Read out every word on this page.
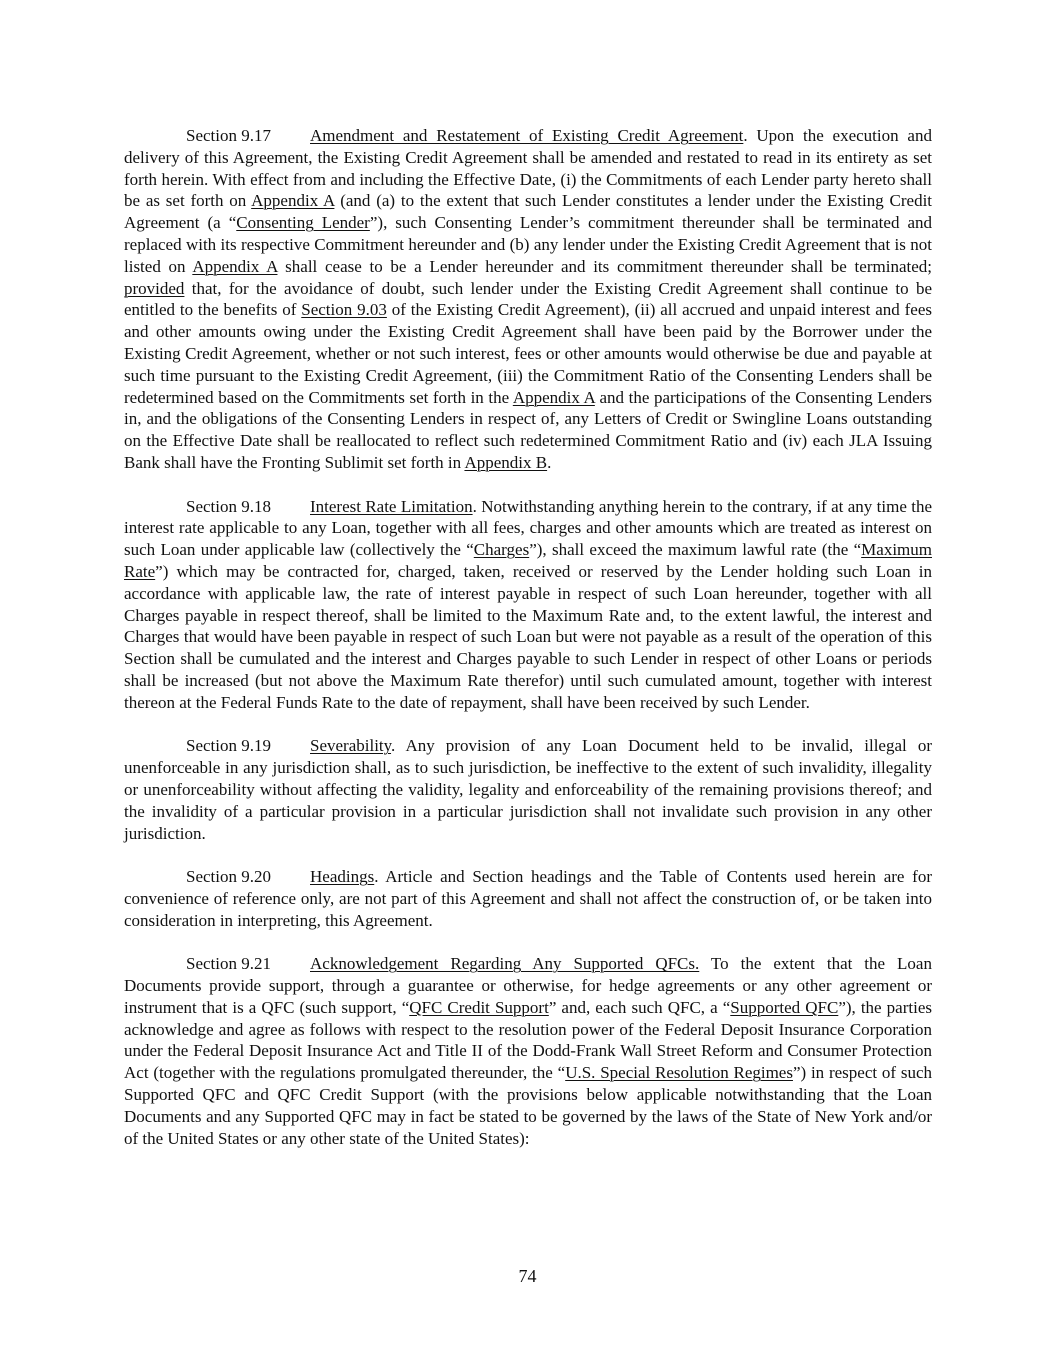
Section 9.17 Amendment and Restatement of Existing Credit Agreement. Upon the execution and delivery of this Agreement, the Existing Credit Agreement shall be amended and restated to read in its entirety as set forth herein. With effect from and including the Effective Date, (i) the Commitments of each Lender party hereto shall be as set forth on Appendix A (and (a) to the extent that such Lender constitutes a lender under the Existing Credit Agreement (a “Consenting Lender”), such Consenting Lender’s commitment thereunder shall be terminated and replaced with its respective Commitment hereunder and (b) any lender under the Existing Credit Agreement that is not listed on Appendix A shall cease to be a Lender hereunder and its commitment thereunder shall be terminated; provided that, for the avoidance of doubt, such lender under the Existing Credit Agreement shall continue to be entitled to the benefits of Section 9.03 of the Existing Credit Agreement), (ii) all accrued and unpaid interest and fees and other amounts owing under the Existing Credit Agreement shall have been paid by the Borrower under the Existing Credit Agreement, whether or not such interest, fees or other amounts would otherwise be due and payable at such time pursuant to the Existing Credit Agreement, (iii) the Commitment Ratio of the Consenting Lenders shall be redetermined based on the Commitments set forth in the Appendix A and the participations of the Consenting Lenders in, and the obligations of the Consenting Lenders in respect of, any Letters of Credit or Swingline Loans outstanding on the Effective Date shall be reallocated to reflect such redetermined Commitment Ratio and (iv) each JLA Issuing Bank shall have the Fronting Sublimit set forth in Appendix B.

Section 9.18 Interest Rate Limitation. Notwithstanding anything herein to the contrary, if at any time the interest rate applicable to any Loan, together with all fees, charges and other amounts which are treated as interest on such Loan under applicable law (collectively the “Charges”), shall exceed the maximum lawful rate (the “Maximum Rate”) which may be contracted for, charged, taken, received or reserved by the Lender holding such Loan in accordance with applicable law, the rate of interest payable in respect of such Loan hereunder, together with all Charges payable in respect thereof, shall be limited to the Maximum Rate and, to the extent lawful, the interest and Charges that would have been payable in respect of such Loan but were not payable as a result of the operation of this Section shall be cumulated and the interest and Charges payable to such Lender in respect of other Loans or periods shall be increased (but not above the Maximum Rate therefor) until such cumulated amount, together with interest thereon at the Federal Funds Rate to the date of repayment, shall have been received by such Lender.

Section 9.19 Severability. Any provision of any Loan Document held to be invalid, illegal or unenforceable in any jurisdiction shall, as to such jurisdiction, be ineffective to the extent of such invalidity, illegality or unenforceability without affecting the validity, legality and enforceability of the remaining provisions thereof; and the invalidity of a particular provision in a particular jurisdiction shall not invalidate such provision in any other jurisdiction.

Section 9.20 Headings. Article and Section headings and the Table of Contents used herein are for convenience of reference only, are not part of this Agreement and shall not affect the construction of, or be taken into consideration in interpreting, this Agreement.

Section 9.21 Acknowledgement Regarding Any Supported QFCs. To the extent that the Loan Documents provide support, through a guarantee or otherwise, for hedge agreements or any other agreement or instrument that is a QFC (such support, “QFC Credit Support” and, each such QFC, a “Supported QFC”), the parties acknowledge and agree as follows with respect to the resolution power of the Federal Deposit Insurance Corporation under the Federal Deposit Insurance Act and Title II of the Dodd-Frank Wall Street Reform and Consumer Protection Act (together with the regulations promulgated thereunder, the “U.S. Special Resolution Regimes”) in respect of such Supported QFC and QFC Credit Support (with the provisions below applicable notwithstanding that the Loan Documents and any Supported QFC may in fact be stated to be governed by the laws of the State of New York and/or of the United States or any other state of the United States):

74
